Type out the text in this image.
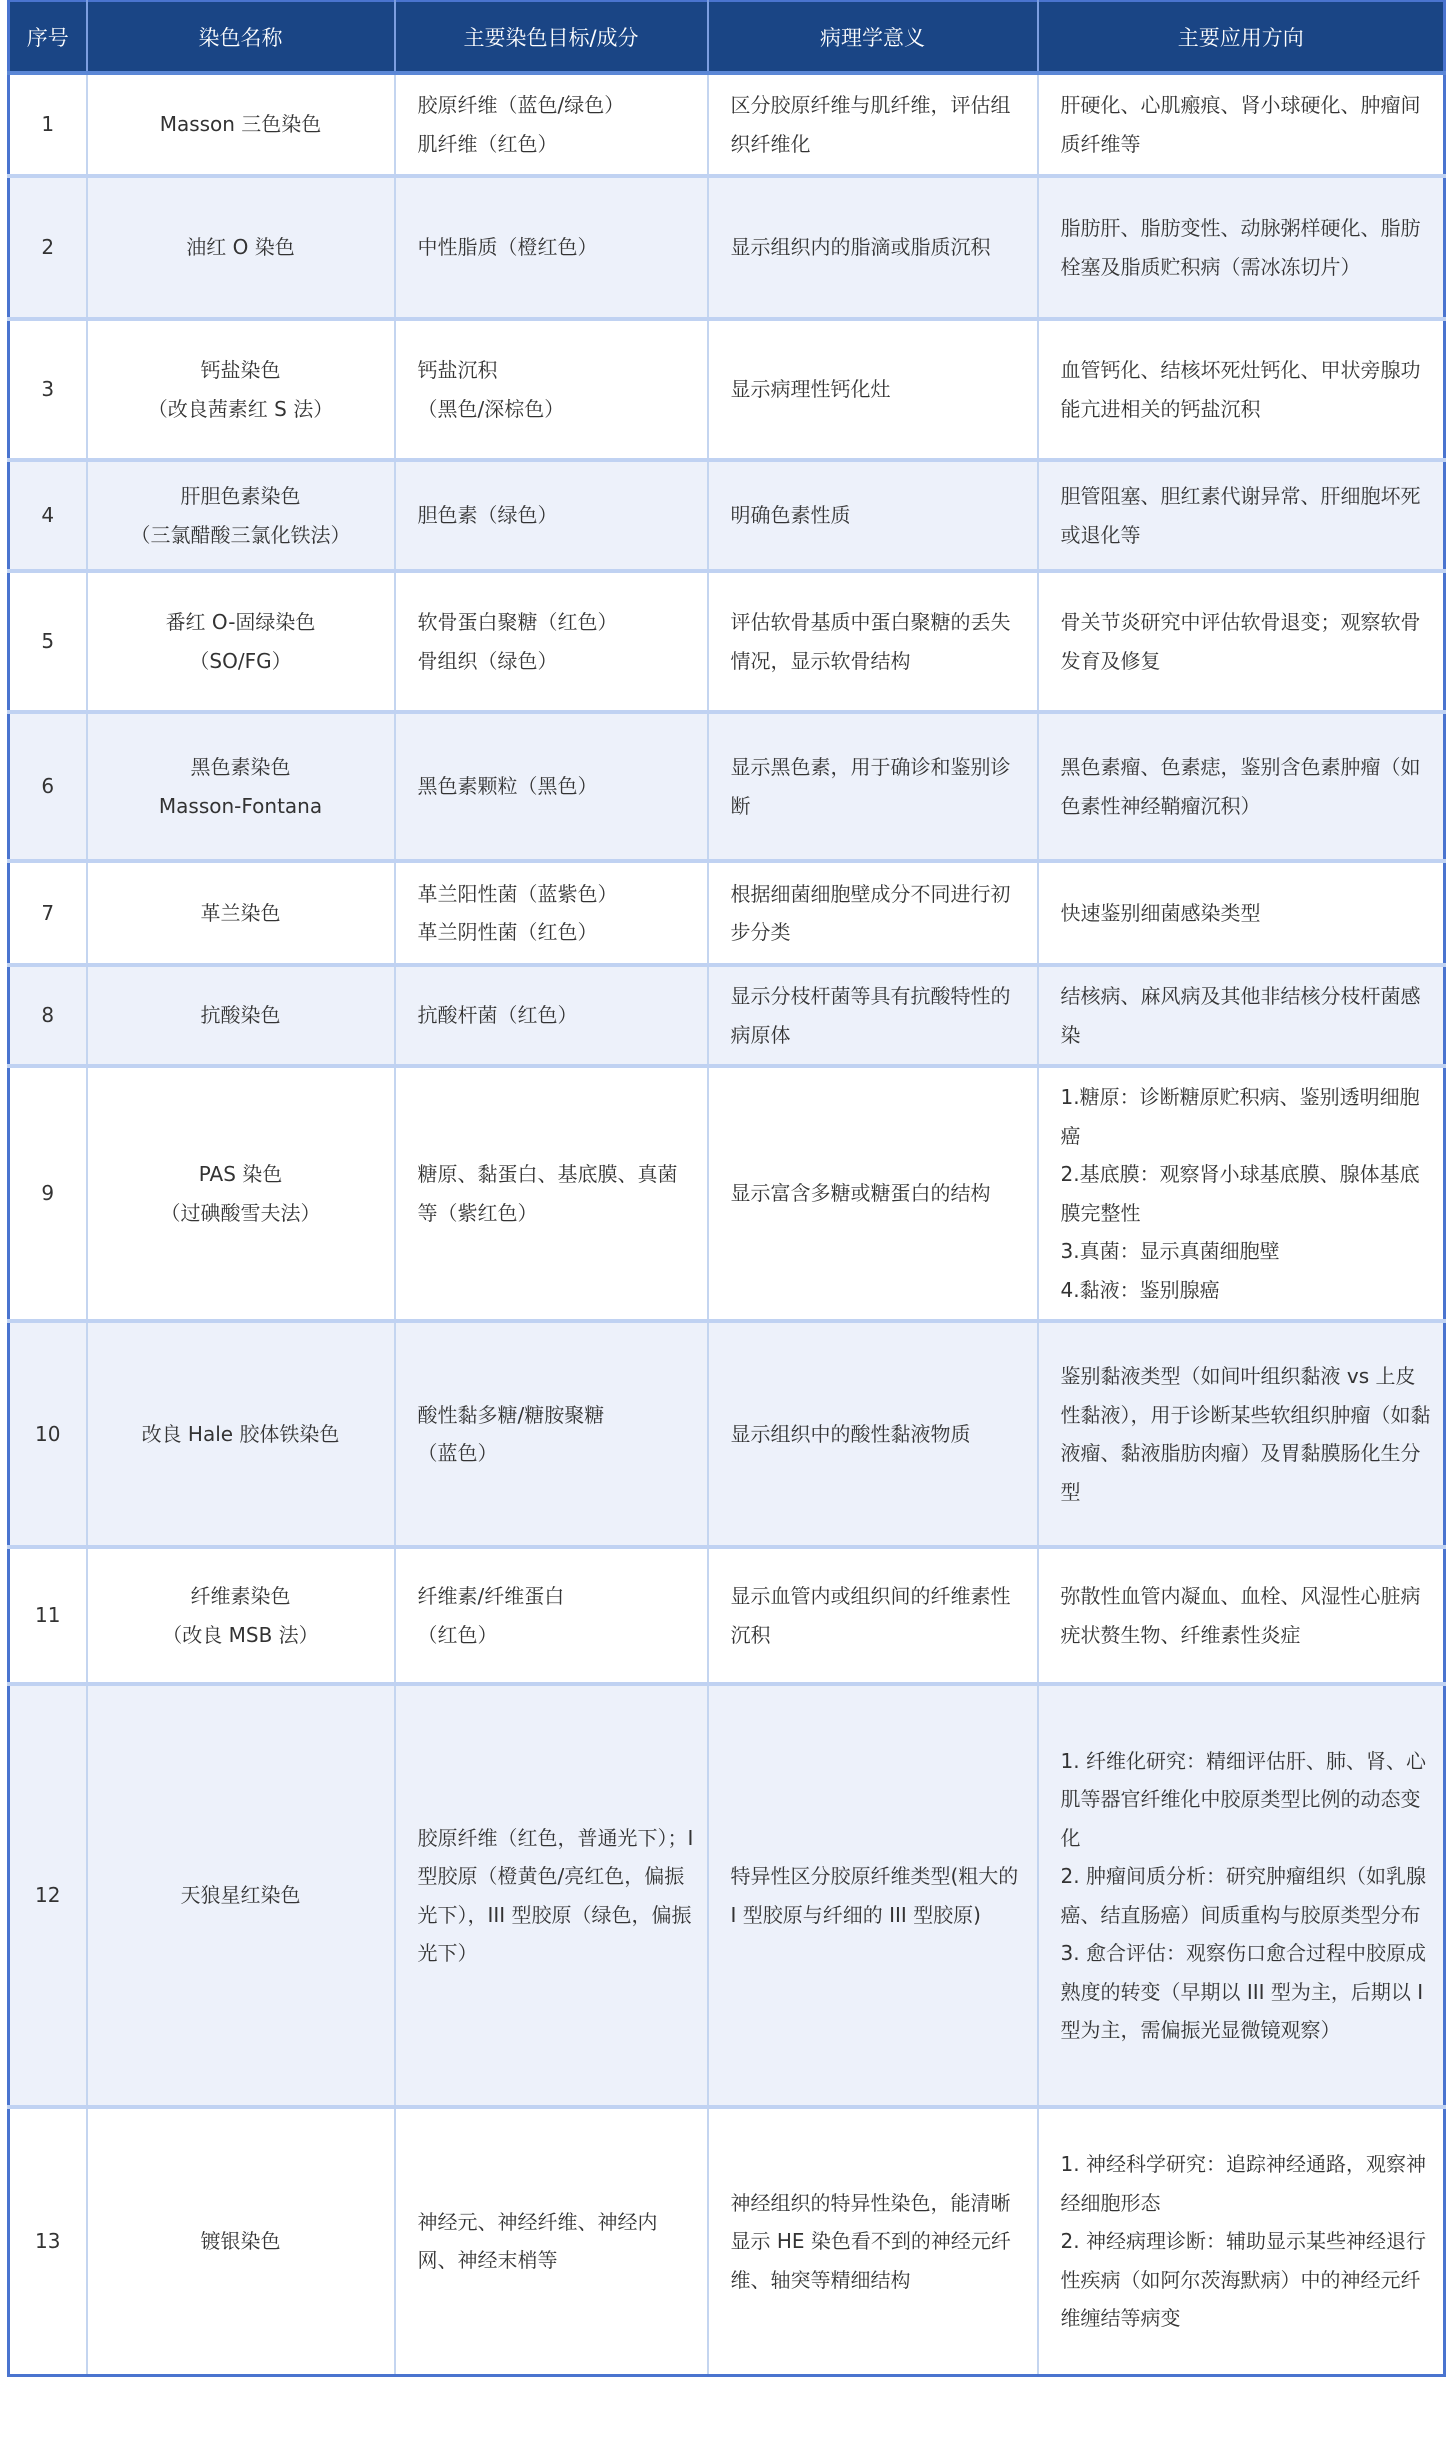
序号	染色名称	主要染色目标/成分	病理学意义	主要应用方向
1	Masson 三色染色	胶原纤维（蓝色/绿色）
肌纤维（红色）	区分胶原纤维与肌纤维，评估组织纤维化	肝硬化、心肌瘢痕、肾小球硬化、肿瘤间质纤维等

2	油红 O 染色	中性脂质（橙红色）	显示组织内的脂滴或脂质沉积	脂肪肝、脂肪变性、动脉粥样硬化、脂肪栓塞及脂质贮积病（需冰冻切片）

3	钙盐染色
（改良茜素红 S 法）	钙盐沉积
（黑色/深棕色）	显示病理性钙化灶	血管钙化、结核坏死灶钙化、甲状旁腺功能亢进相关的钙盐沉积

4	肝胆色素染色
（三氯醋酸三氯化铁法）	胆色素（绿色）	明确色素性质	胆管阻塞、胆红素代谢异常、肝细胞坏死或退化等

5	番红 O-固绿染色
（SO/FG）	软骨蛋白聚糖（红色）
骨组织（绿色）	评估软骨基质中蛋白聚糖的丢失情况，显示软骨结构	骨关节炎研究中评估软骨退变；观察软骨发育及修复

6	黑色素染色
Masson-Fontana	黑色素颗粒（黑色）	显示黑色素，用于确诊和鉴别诊断	黑色素瘤、色素痣，鉴别含色素肿瘤（如色素性神经鞘瘤沉积）

7	革兰染色	革兰阳性菌（蓝紫色）
革兰阴性菌（红色）	根据细菌细胞壁成分不同进行初步分类	快速鉴别细菌感染类型

8	抗酸染色	抗酸杆菌（红色）	显示分枝杆菌等具有抗酸特性的病原体	结核病、麻风病及其他非结核分枝杆菌感染

9	PAS 染色
（过碘酸雪夫法）	糖原、黏蛋白、基底膜、真菌等（紫红色）	显示富含多糖或糖蛋白的结构	1.糖原：诊断糖原贮积病、鉴别透明细胞癌
2.基底膜：观察肾小球基底膜、腺体基底膜完整性
3.真菌：显示真菌细胞壁
4.黏液：鉴别腺癌

10	改良 Hale 胶体铁染色	酸性黏多糖/糖胺聚糖
（蓝色）	显示组织中的酸性黏液物质	鉴别黏液类型（如间叶组织黏液 vs 上皮性黏液），用于诊断某些软组织肿瘤（如黏液瘤、黏液脂肪肉瘤）及胃黏膜肠化生分型

11	纤维素染色
（改良 MSB 法）	纤维素/纤维蛋白
（红色）	显示血管内或组织间的纤维素性沉积	弥散性血管内凝血、血栓、风湿性心脏病疣状赘生物、纤维素性炎症

12	天狼星红染色	胶原纤维（红色，普通光下）；I 型胶原（橙黄色/亮红色，偏振光下），III 型胶原（绿色，偏振光下）	特异性区分胶原纤维类型(粗大的 I 型胶原与纤细的 III 型胶原)	1. 纤维化研究：精细评估肝、肺、肾、心肌等器官纤维化中胶原类型比例的动态变化
2. 肿瘤间质分析：研究肿瘤组织（如乳腺癌、结直肠癌）间质重构与胶原类型分布
3. 愈合评估：观察伤口愈合过程中胶原成熟度的转变（早期以 III 型为主，后期以 I 型为主，需偏振光显微镜观察）

13	镀银染色	神经元、神经纤维、神经内网、神经末梢等	神经组织的特异性染色，能清晰显示 HE 染色看不到的神经元纤维、轴突等精细结构	1. 神经科学研究：追踪神经通路，观察神经细胞形态
2. 神经病理诊断：辅助显示某些神经退行性疾病（如阿尔茨海默病）中的神经元纤维缠结等病变
